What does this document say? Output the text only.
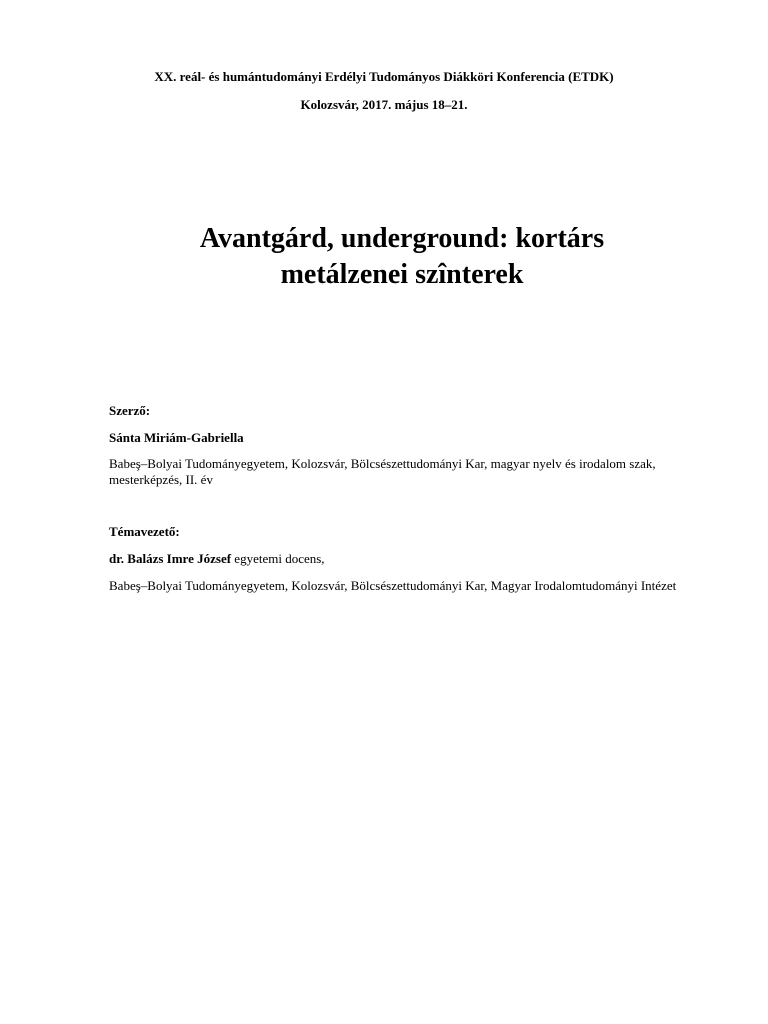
XX. reál- és humántudományi Erdélyi Tudományos Diákköri Konferencia (ETDK)
Kolozsvár, 2017. május 18–21.
Avantgárd, underground: kortárs
metálzenei szînterek
Szerző:
Sánta Miriám-Gabriella
Babeş–Bolyai Tudományegyetem, Kolozsvár, Bölcsészettudományi Kar, magyar nyelv és irodalom szak, mesterképzés, II. év
Témavezető:
dr. Balázs Imre József egyetemi docens,
Babeş–Bolyai Tudományegyetem, Kolozsvár, Bölcsészettudományi Kar, Magyar Irodalomtudományi Intézet
